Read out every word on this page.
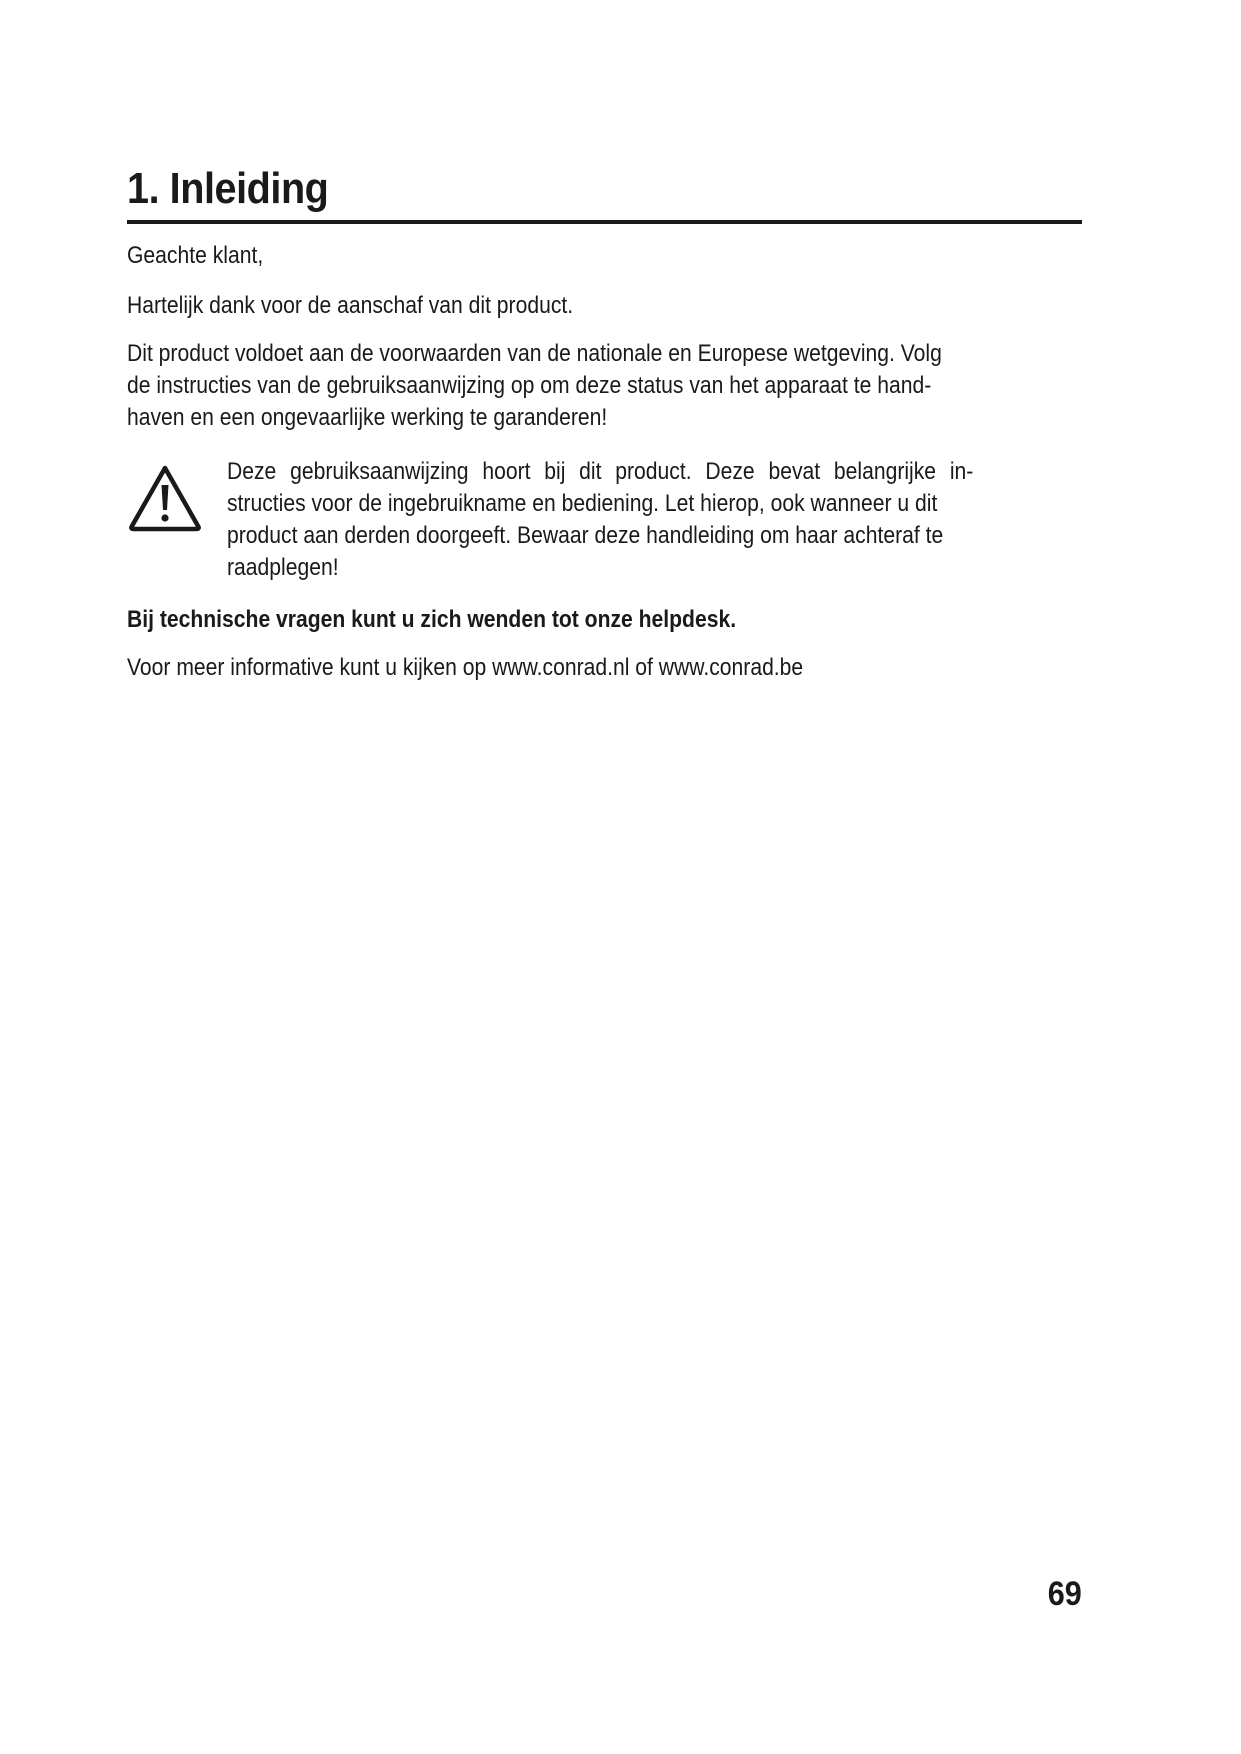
1. Inleiding

Geachte klant,

Hartelijk dank voor de aanschaf van dit product.

Dit product voldoet aan de voorwaarden van de nationale en Europese wetgeving. Volg
de instructies van de gebruiksaanwijzing op om deze status van het apparaat te hand-
haven en een ongevaarlijke werking te garanderen!

Deze gebruiksaanwijzing hoort bij dit product. Deze bevat belangrijke in-
structies voor de ingebruikname en bediening. Let hierop, ook wanneer u dit
product aan derden doorgeeft. Bewaar deze handleiding om haar achteraf te
raadplegen!

Bij technische vragen kunt u zich wenden tot onze helpdesk.

Voor meer informative kunt u kijken op www.conrad.nl of www.conrad.be

69
